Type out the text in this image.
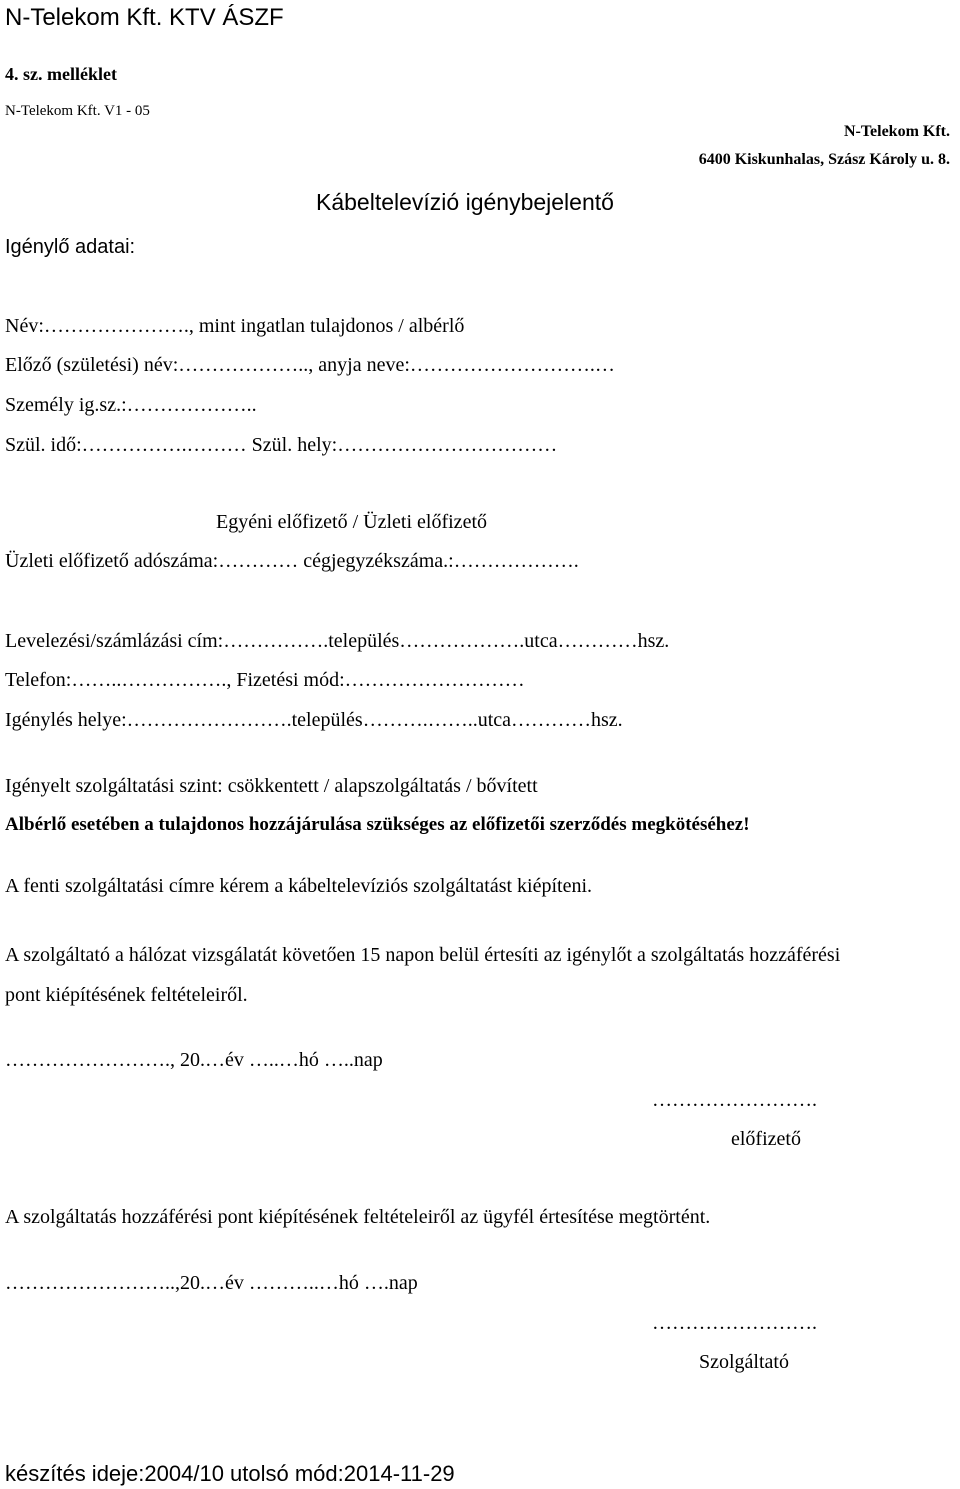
N-Telekom Kft. KTV ÁSZF
4. sz. melléklet
N-Telekom Kft. V1 - 05
N-Telekom Kft.
6400 Kiskunhalas, Szász Károly u. 8.
Kábeltelevízió igénybejelentő
Igénylő adatai:
Név:…………………., mint ingatlan tulajdonos / albérlő
Előző (születési) név:……………….., anyja neve:……………………….…
Személy ig.sz.:………………..
Szül. idő:…………….……… Szül. hely:……………………………
Egyéni előfizető / Üzleti előfizető
Üzleti előfizető adószáma:………… cégjegyzékszáma.:……………….
Levelezési/számlázási cím:…………….település……………….utca…………hsz.
Telefon:……..……………., Fizetési mód:………………………
Igénylés helye:…………………….település……….……..utca…………hsz.
Igényelt szolgáltatási szint: csökkentett / alapszolgáltatás / bővített
Albérlő esetében a tulajdonos hozzájárulása szükséges az előfizetői szerződés megkötéséhez!
A fenti szolgáltatási címre kérem a kábeltelevíziós szolgáltatást kiépíteni.
A szolgáltató a hálózat vizsgálatát követően 15 napon belül értesíti az igénylőt a szolgáltatás hozzáférési
pont kiépítésének feltételeiről.
……………………., 20.…év …..…hó …..nap
…………………….
előfizető
A szolgáltatás hozzáférési pont kiépítésének feltételeiről az ügyfél értesítése megtörtént.
……………………..,20.…év ………..…hó ….nap
…………………….
Szolgáltató
készítés ideje:2004/10 utolsó mód:2014-11-29
